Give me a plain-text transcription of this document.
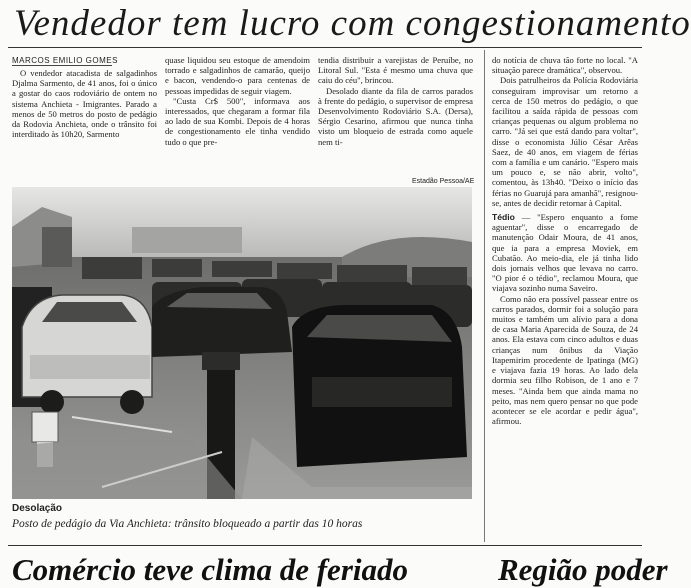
Vendedor tem lucro com congestionamento
MARCOS EMILIO GOMES

O vendedor atacadista de salgadinhos Djalma Sarmento, de 41 anos, foi o único a gostar do caos rodoviário de ontem no sistema Anchieta - Imigrantes. Parado a menos de 50 metros do posto de pedágio da Rodovia Anchieta, onde o trânsito foi interditado às 10h20, Sarmento

quase liquidou seu estoque de amendoim torrado e salgadinhos de camarão, queijo e bacon, vendendo-o para centenas de pessoas impedidas de seguir viagem.

"Custa Cr$ 500", informava aos interessados, que chegaram a formar fila ao lado de sua Kombi. Depois de 4 horas de congestionamento ele tinha vendido tudo o que pre-

tendia distribuir a varejistas de Peruíbe, no Litoral Sul. "Esta é mesmo uma chuva que caiu do céu", brincou.

Desolado diante da fila de carros parados à frente do pedágio, o supervisor de empresa Desenvolvimento Rodoviário S.A. (Dersa), Sérgio Cesarino, afirmou que nunca tinha visto um bloqueio de estrada como aquele nem ti-

do notícia de chuva tão forte no local. "A situação parece dramática", observou.

Dois patrulheiros da Polícia Rodoviária conseguiram improvisar um retorno a cerca de 150 metros do pedágio, o que facilitou a saída rápida de pessoas com crianças pequenas ou algum problema no carro. "Já sei que está dando para voltar", disse o economista Júlio César Arêas Saez, de 40 anos, em viagem de férias com a família e um canário. "Espero mais um pouco e, se não abrir, volto", comentou, às 13h40. "Deixo o início das férias no Guarujá para amanhã", resignou-se, antes de decidir retornar à Capital.

Tédio — "Espero enquanto a fome aguentar", disse o encarregado de manutenção Odair Moura, de 41 anos, que ia para a empresa Moviek, em Cubatão. Ao meio-dia, ele já tinha lido dois jornais velhos que levava no carro. "O pior é o tédio", reclamou Moura, que viajava sozinho numa Saveiro.

Como não era possível passear entre os carros parados, dormir foi a solução para muitos e também um alívio para a dona de casa Maria Aparecida de Souza, de 24 anos. Ela estava com cinco adultos e duas crianças num ônibus da Viação Itapemirim procedente de Ipatinga (MG) e viajava fazia 19 horas. Ao lado dela dormia seu filho Robison, de 1 ano e 7 meses. "Ainda bem que ainda mama no peito, mas nem quero pensar no que pode acontecer se ele acordar e pedir água", afirmou.

Estadão Pessoa/AE
Desolação
Posto de pedágio da Via Anchieta: trânsito bloqueado a partir das 10 horas
Comércio teve clima de feriado	Região poder
